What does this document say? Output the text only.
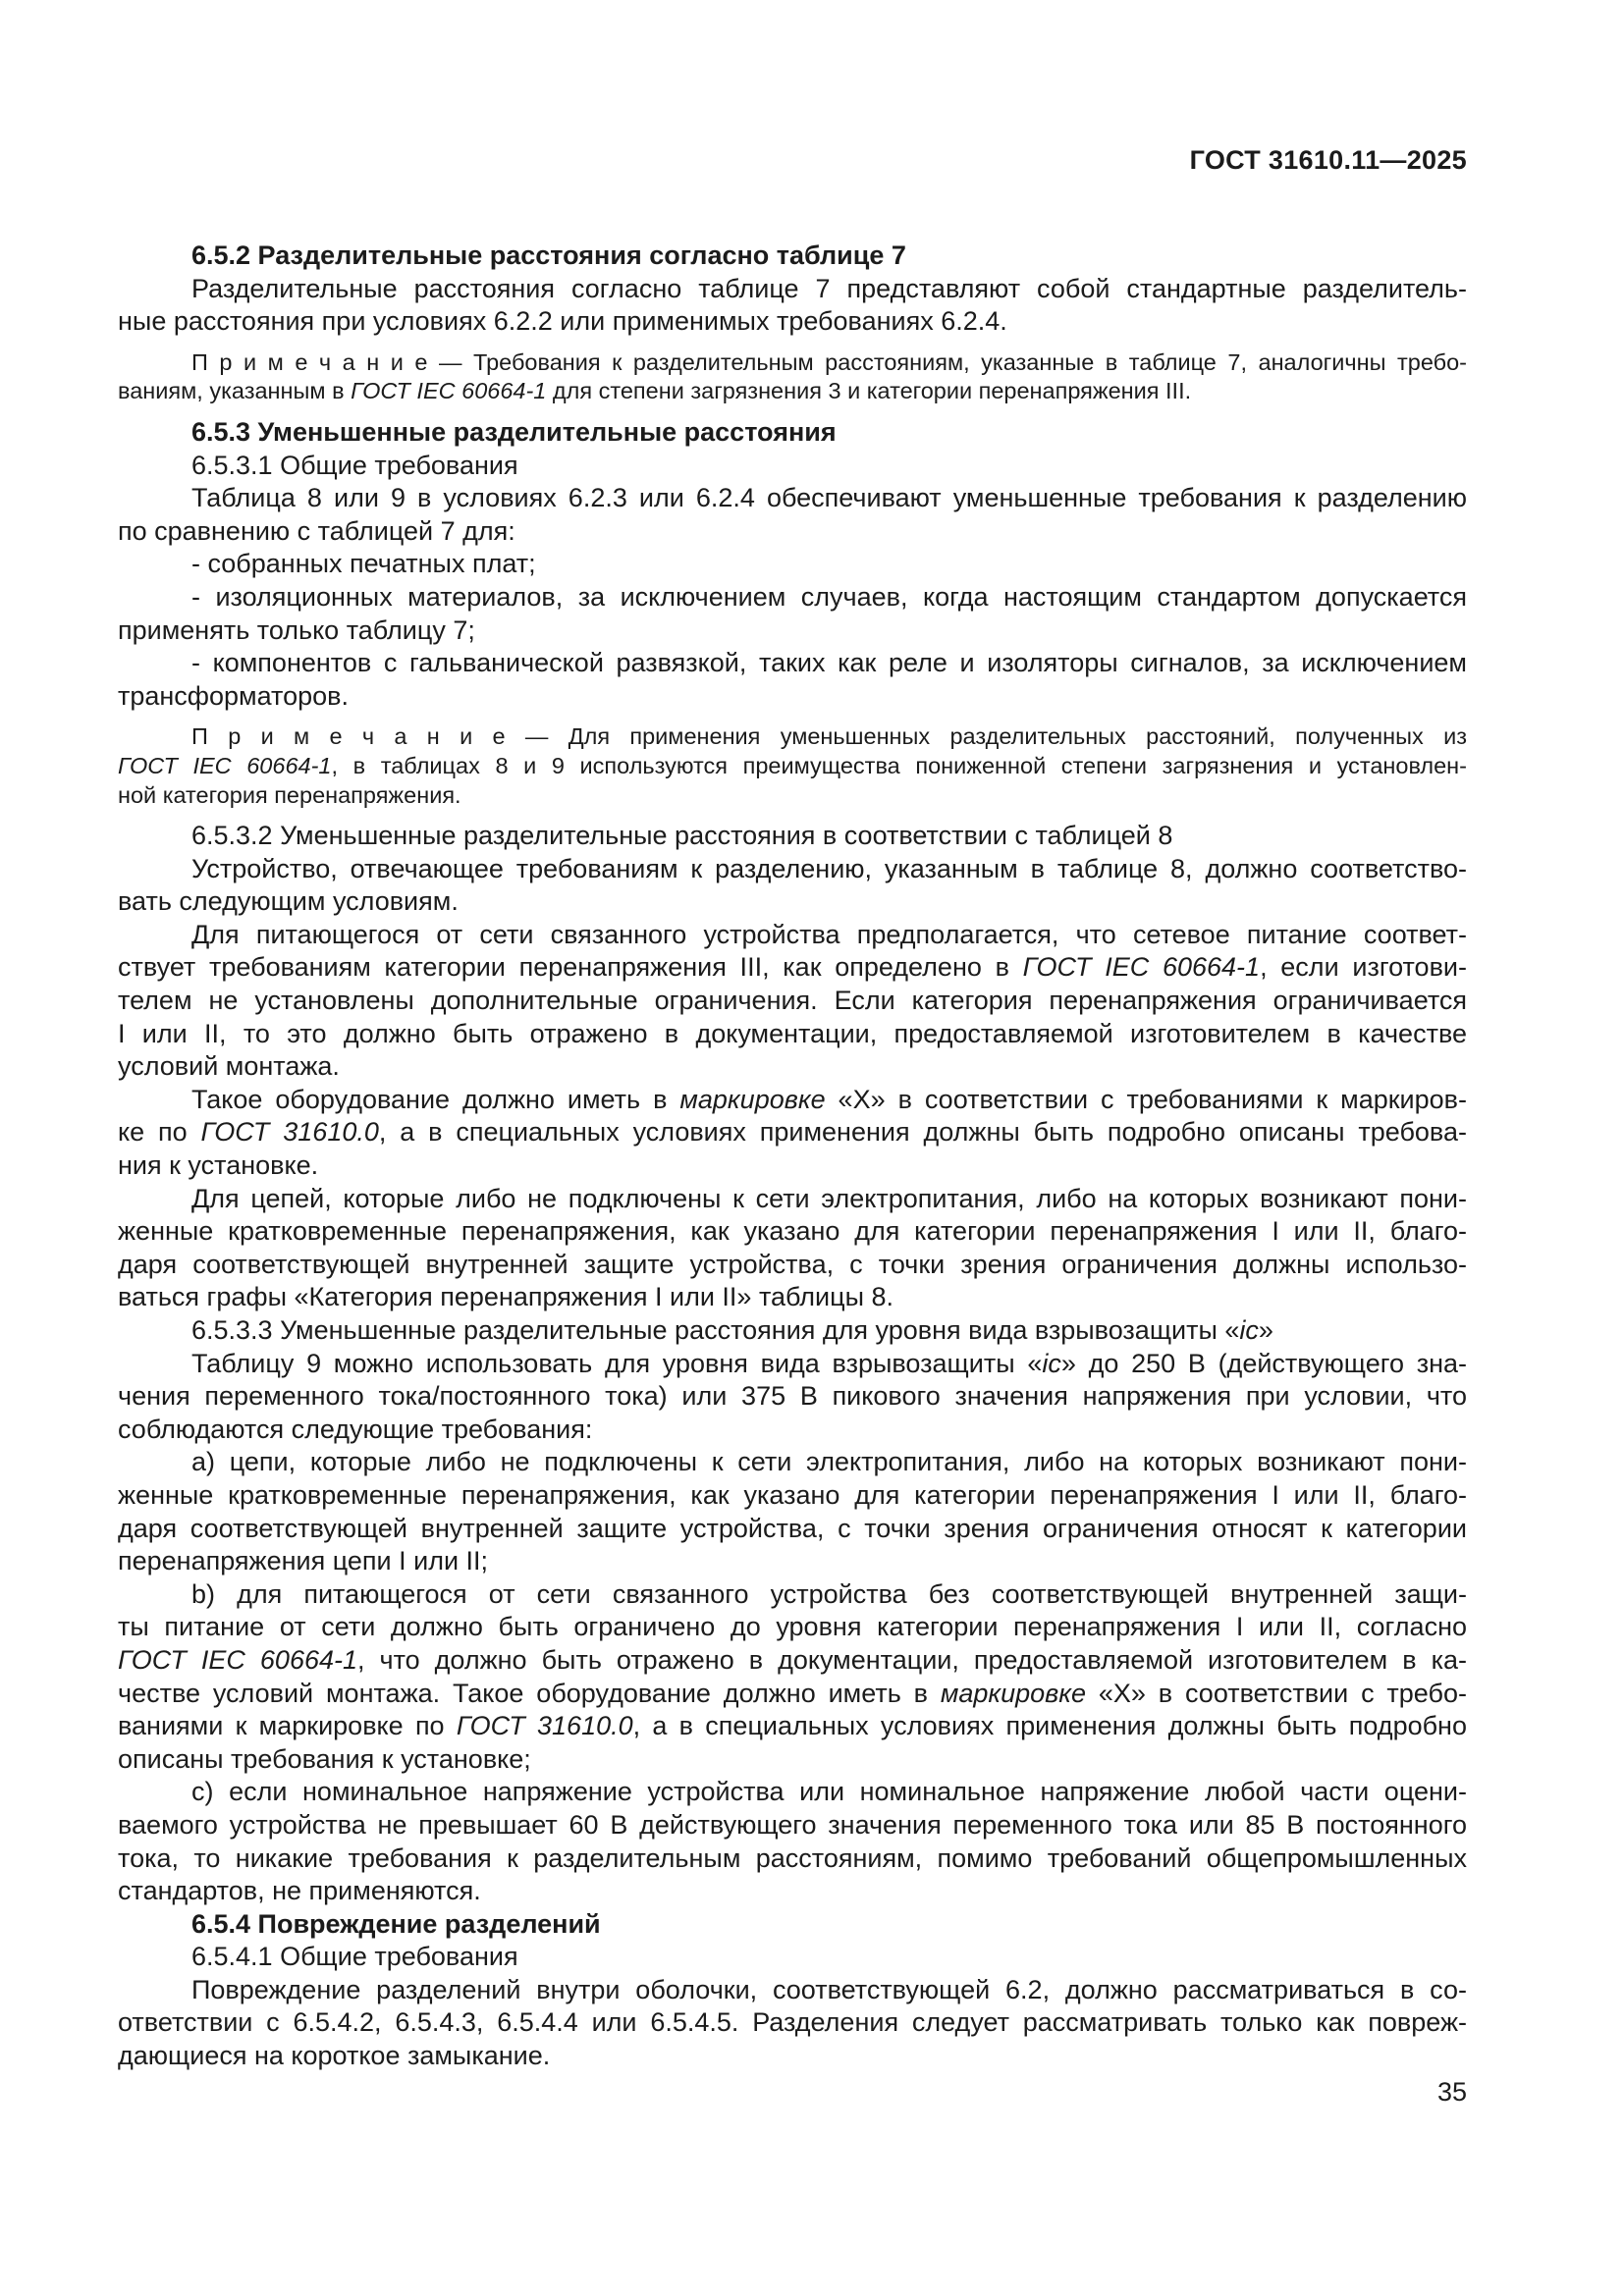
ГОСТ 31610.11—2025
6.5.2 Разделительные расстояния согласно таблице 7
Разделительные расстояния согласно таблице 7 представляют собой стандартные разделитель-
ные расстояния при условиях 6.2.2 или применимых требованиях 6.2.4.
П р и м е ч а н и е — Требования к разделительным расстояниям, указанные в таблице 7, аналогичны требо-
ваниям, указанным в ГОСТ IEC 60664-1 для степени загрязнения 3 и категории перенапряжения III.
6.5.3 Уменьшенные разделительные расстояния
6.5.3.1 Общие требования
Таблица 8 или 9 в условиях 6.2.3 или 6.2.4 обеспечивают уменьшенные требования к разделению
по сравнению с таблицей 7 для:
- собранных печатных плат;
- изоляционных материалов, за исключением случаев, когда настоящим стандартом допускается
применять только таблицу 7;
- компонентов с гальванической развязкой, таких как реле и изоляторы сигналов, за исключением
трансформаторов.
П р и м е ч а н и е — Для применения уменьшенных разделительных расстояний, полученных из
ГОСТ IEC 60664-1, в таблицах 8 и 9 используются преимущества пониженной степени загрязнения и установлен-
ной категория перенапряжения.
6.5.3.2 Уменьшенные разделительные расстояния в соответствии с таблицей 8
Устройство, отвечающее требованиям к разделению, указанным в таблице 8, должно соответство-
вать следующим условиям.
Для питающегося от сети связанного устройства предполагается, что сетевое питание соответ-
ствует требованиям категории перенапряжения III, как определено в ГОСТ IEC 60664-1, если изготови-
телем не установлены дополнительные ограничения. Если категория перенапряжения ограничивается
I или II, то это должно быть отражено в документации, предоставляемой изготовителем в качестве
условий монтажа.
Такое оборудование должно иметь в маркировке «X» в соответствии с требованиями к маркиров-
ке по ГОСТ 31610.0, а в специальных условиях применения должны быть подробно описаны требова-
ния к установке.
Для цепей, которые либо не подключены к сети электропитания, либо на которых возникают пони-
женные кратковременные перенапряжения, как указано для категории перенапряжения I или II, благо-
даря соответствующей внутренней защите устройства, с точки зрения ограничения должны использо-
ваться графы «Категория перенапряжения I или II» таблицы 8.
6.5.3.3 Уменьшенные разделительные расстояния для уровня вида взрывозащиты «ic»
Таблицу 9 можно использовать для уровня вида взрывозащиты «ic» до 250 В (действующего зна-
чения переменного тока/постоянного тока) или 375 В пикового значения напряжения при условии, что
соблюдаются следующие требования:
a) цепи, которые либо не подключены к сети электропитания, либо на которых возникают пони-
женные кратковременные перенапряжения, как указано для категории перенапряжения I или II, благо-
даря соответствующей внутренней защите устройства, с точки зрения ограничения относят к категории
перенапряжения цепи I или II;
b) для питающегося от сети связанного устройства без соответствующей внутренней защи-
ты питание от сети должно быть ограничено до уровня категории перенапряжения I или II, согласно
ГОСТ IEC 60664-1, что должно быть отражено в документации, предоставляемой изготовителем в ка-
честве условий монтажа. Такое оборудование должно иметь в маркировке «X» в соответствии с требо-
ваниями к маркировке по ГОСТ 31610.0, а в специальных условиях применения должны быть подробно
описаны требования к установке;
c) если номинальное напряжение устройства или номинальное напряжение любой части оцени-
ваемого устройства не превышает 60 В действующего значения переменного тока или 85 В постоянного
тока, то никакие требования к разделительным расстояниям, помимо требований общепромышленных
стандартов, не применяются.
6.5.4 Повреждение разделений
6.5.4.1 Общие требования
Повреждение разделений внутри оболочки, соответствующей 6.2, должно рассматриваться в со-
ответствии с 6.5.4.2, 6.5.4.3, 6.5.4.4 или 6.5.4.5. Разделения следует рассматривать только как повреж-
дающиеся на короткое замыкание.
35
